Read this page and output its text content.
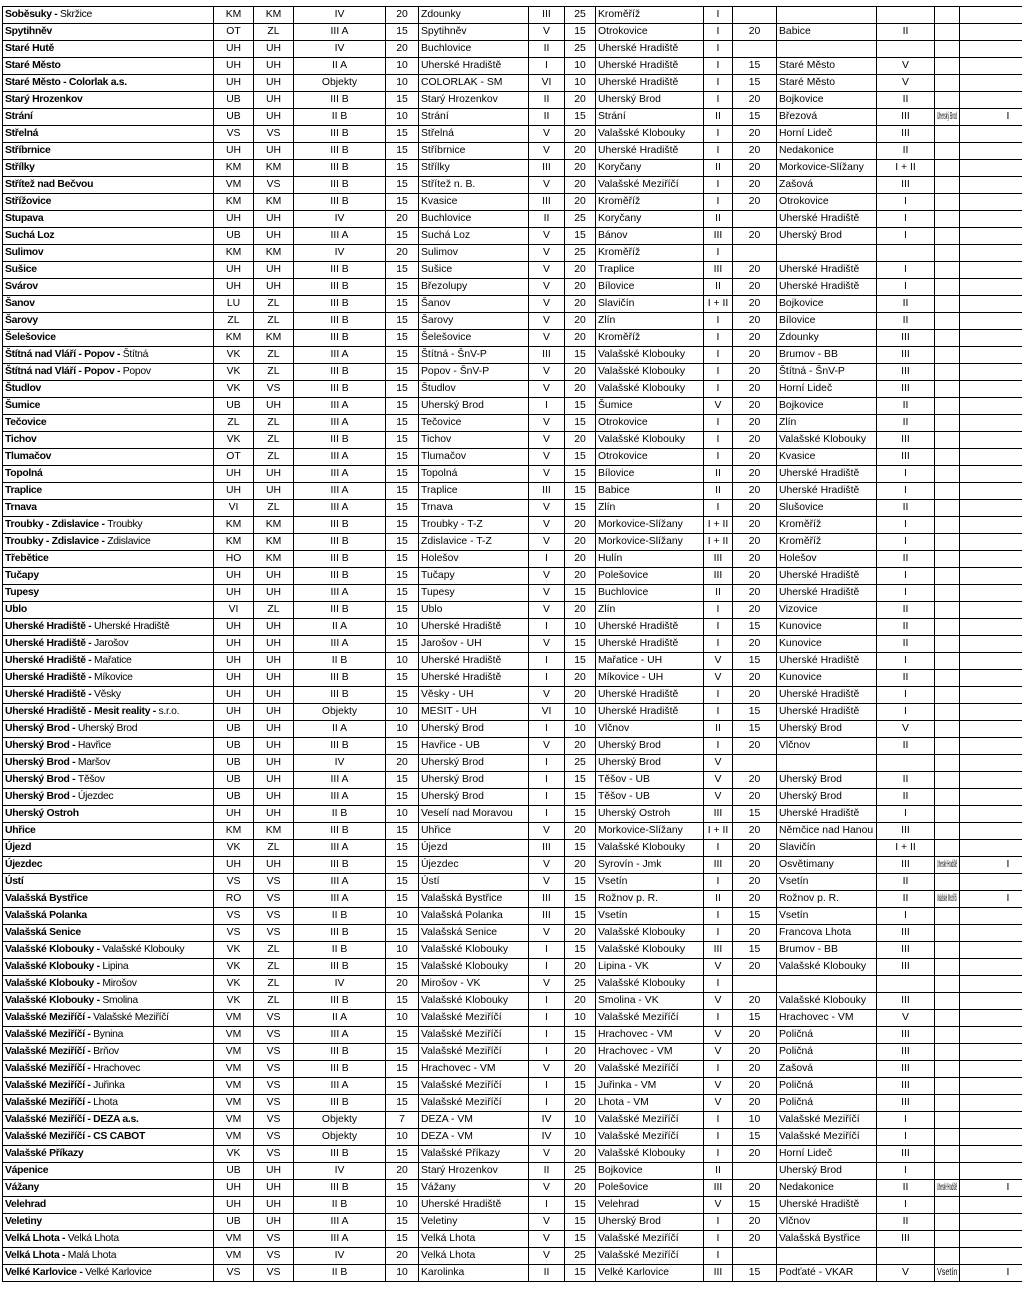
Soběsuky - Skržice	KM	KM	IV	20	Zdounky	III	25	Kroměříž	I					
Spytihněv	OT	ZL	III A	15	Spytihněv	V	15	Otrokovice	I	20	Babice	II		
Staré Hutě	UH	UH	IV	20	Buchlovice	II	25	Uherské Hradiště	I					
Staré Město	UH	UH	II A	10	Uherské Hradiště	I	10	Uherské Hradiště	I	15	Staré Město	V		
Staré Město - Colorlak a.s.	UH	UH	Objekty	10	COLORLAK - SM	VI	10	Uherské Hradiště	I	15	Staré Město	V		
Starý Hrozenkov	UB	UH	III B	15	Starý Hrozenkov	II	20	Uherský Brod	I	20	Bojkovice	II		
Strání	UB	UH	II B	10	Strání	II	15	Strání	II	15	Březová	III	Uherský Brod	I
Střelná	VS	VS	III B	15	Střelná	V	20	Valašské Klobouky	I	20	Horní Lideč	III		
Stříbrnice	UH	UH	III B	15	Stříbrnice	V	20	Uherské Hradiště	I	20	Nedakonice	II		
Střílky	KM	KM	III B	15	Střílky	III	20	Koryčany	II	20	Morkovice-Slížany	I + II		
Střítež nad Bečvou	VM	VS	III B	15	Střítež n. B.	V	20	Valašské Meziříčí	I	20	Zašová	III		
Střížovice	KM	KM	III B	15	Kvasice	III	20	Kroměříž	I	20	Otrokovice	I		
Stupava	UH	UH	IV	20	Buchlovice	II	25	Koryčany	II		Uherské Hradiště	I		
Suchá Loz	UB	UH	III A	15	Suchá Loz	V	15	Bánov	III	20	Uherský Brod	I		
Sulimov	KM	KM	IV	20	Sulimov	V	25	Kroměříž	I					
Sušice	UH	UH	III B	15	Sušice	V	20	Traplice	III	20	Uherské Hradiště	I		
Svárov	UH	UH	III B	15	Březolupy	V	20	Bílovice	II	20	Uherské Hradiště	I		
Šanov	LU	ZL	III B	15	Šanov	V	20	Slavičín	I + II	20	Bojkovice	II		
Šarovy	ZL	ZL	III B	15	Šarovy	V	20	Zlín	I	20	Bílovice	II		
Šelešovice	KM	KM	III B	15	Šelešovice	V	20	Kroměříž	I	20	Zdounky	III		
Štítná nad Vláří - Popov - Štítná	VK	ZL	III A	15	Štítná - ŠnV-P	III	15	Valašské Klobouky	I	20	Brumov - BB	III		
Štítná nad Vláří - Popov - Popov	VK	ZL	III B	15	Popov - ŠnV-P	V	20	Valašské Klobouky	I	20	Štítná - ŠnV-P	III		
Študlov	VK	VS	III B	15	Študlov	V	20	Valašské Klobouky	I	20	Horní Lideč	III		
Šumice	UB	UH	III A	15	Uherský Brod	I	15	Šumice	V	20	Bojkovice	II		
Tečovice	ZL	ZL	III A	15	Tečovice	V	15	Otrokovice	I	20	Zlín	II		
Tichov	VK	ZL	III B	15	Tichov	V	20	Valašské Klobouky	I	20	Valašské Klobouky	III		
Tlumačov	OT	ZL	III A	15	Tlumačov	V	15	Otrokovice	I	20	Kvasice	III		
Topolná	UH	UH	III A	15	Topolná	V	15	Bílovice	II	20	Uherské Hradiště	I		
Traplice	UH	UH	III A	15	Traplice	III	15	Babice	II	20	Uherské Hradiště	I		
Trnava	VI	ZL	III A	15	Trnava	V	15	Zlín	I	20	Slušovice	II		
Troubky - Zdislavice - Troubky	KM	KM	III B	15	Troubky - T-Z	V	20	Morkovice-Slížany	I + II	20	Kroměříž	I		
Troubky - Zdislavice - Zdislavice	KM	KM	III B	15	Zdislavice - T-Z	V	20	Morkovice-Slížany	I + II	20	Kroměříž	I		
Třebětice	HO	KM	III B	15	Holešov	I	20	Hulín	III	20	Holešov	II		
Tučapy	UH	UH	III B	15	Tučapy	V	20	Polešovice	III	20	Uherské Hradiště	I		
Tupesy	UH	UH	III A	15	Tupesy	V	15	Buchlovice	II	20	Uherské Hradiště	I		
Ublo	VI	ZL	III B	15	Ublo	V	20	Zlín	I	20	Vizovice	II		
Uherské Hradiště - Uherské Hradiště	UH	UH	II A	10	Uherské Hradiště	I	10	Uherské Hradiště	I	15	Kunovice	II		
Uherské Hradiště - Jarošov	UH	UH	III A	15	Jarošov - UH	V	15	Uherské Hradiště	I	20	Kunovice	II		
Uherské Hradiště - Mařatice	UH	UH	II B	10	Uherské Hradiště	I	15	Mařatice - UH	V	15	Uherské Hradiště	I		
Uherské Hradiště - Míkovice	UH	UH	III B	15	Uherské Hradiště	I	20	Míkovice - UH	V	20	Kunovice	II		
Uherské Hradiště - Věsky	UH	UH	III B	15	Věsky - UH	V	20	Uherské Hradiště	I	20	Uherské Hradiště	I		
Uherské Hradiště - Mesit reality - s.r.o.	UH	UH	Objekty	10	MESIT - UH	VI	10	Uherské Hradiště	I	15	Uherské Hradiště	I		
Uherský Brod - Uherský Brod	UB	UH	II A	10	Uherský Brod	I	10	Vlčnov	II	15	Uherský Brod	V		
Uherský Brod - Havřice	UB	UH	III B	15	Havřice - UB	V	20	Uherský Brod	I	20	Vlčnov	II		
Uherský Brod - Maršov	UB	UH	IV	20	Uherský Brod	I	25	Uherský Brod	V					
Uherský Brod - Těšov	UB	UH	III A	15	Uherský Brod	I	15	Těšov - UB	V	20	Uherský Brod	II		
Uherský Brod - Újezdec	UB	UH	III A	15	Uherský Brod	I	15	Těšov - UB	V	20	Uherský Brod	II		
Uherský Ostroh	UH	UH	II B	10	Veselí nad Moravou	I	15	Uherský Ostroh	III	15	Uherské Hradiště	I		
Uhřice	KM	KM	III B	15	Uhřice	V	20	Morkovice-Slížany	I + II	20	Němčice nad Hanou	III		
Újezd	VK	ZL	III A	15	Újezd	III	15	Valašské Klobouky	I	20	Slavičín	I + II		
Újezdec	UH	UH	III B	15	Újezdec	V	20	Syrovín - Jmk	III	20	Osvětimany	III	Uherské Hradiště	I
Ústí	VS	VS	III A	15	Ústí	V	15	Vsetín	I	20	Vsetín	II		
Valašská Bystřice	RO	VS	III A	15	Valašská Bystřice	III	15	Rožnov p. R.	II	20	Rožnov p. R.	II	Valašské Meziříčí	I
Valašská Polanka	VS	VS	II B	10	Valašská Polanka	III	15	Vsetín	I	15	Vsetín	I		
Valašská Senice	VS	VS	III B	15	Valašská Senice	V	20	Valašské Klobouky	I	20	Francova Lhota	III		
Valašské Klobouky - Valašské Klobouky	VK	ZL	II B	10	Valašské Klobouky	I	15	Valašské Klobouky	III	15	Brumov - BB	III		
Valašské Klobouky - Lipina	VK	ZL	III B	15	Valašské Klobouky	I	20	Lipina - VK	V	20	Valašské Klobouky	III		
Valašské Klobouky - Mirošov	VK	ZL	IV	20	Mirošov - VK	V	25	Valašské Klobouky	I					
Valašské Klobouky - Smolina	VK	ZL	III B	15	Valašské Klobouky	I	20	Smolina - VK	V	20	Valašské Klobouky	III		
Valašské Meziříčí - Valašské Meziříčí	VM	VS	II A	10	Valašské Meziříčí	I	10	Valašské Meziříčí	I	15	Hrachovec - VM	V		
Valašské Meziříčí - Bynina	VM	VS	III A	15	Valašské Meziříčí	I	15	Hrachovec - VM	V	20	Poličná	III		
Valašské Meziříčí - Brňov	VM	VS	III B	15	Valašské Meziříčí	I	20	Hrachovec - VM	V	20	Poličná	III		
Valašské Meziříčí - Hrachovec	VM	VS	III B	15	Hrachovec - VM	V	20	Valašské Meziříčí	I	20	Zašová	III		
Valašské Meziříčí - Juřinka	VM	VS	III A	15	Valašské Meziříčí	I	15	Juřinka - VM	V	20	Poličná	III		
Valašské Meziříčí - Lhota	VM	VS	III B	15	Valašské Meziříčí	I	20	Lhota - VM	V	20	Poličná	III		
Valašské Meziříčí - DEZA a.s.	VM	VS	Objekty	7	DEZA - VM	IV	10	Valašské Meziříčí	I	10	Valašské Meziříčí	I		
Valašské Meziříčí - CS CABOT	VM	VS	Objekty	10	DEZA - VM	IV	10	Valašské Meziříčí	I	15	Valašské Meziříčí	I		
Valašské Příkazy	VK	VS	III B	15	Valašské Příkazy	V	20	Valašské Klobouky	I	20	Horní Lideč	III		
Vápenice	UB	UH	IV	20	Starý Hrozenkov	II	25	Bojkovice	II		Uherský Brod	I		
Vážany	UH	UH	III B	15	Vážany	V	20	Polešovice	III	20	Nedakonice	II	Uherské Hradiště	I
Velehrad	UH	UH	II B	10	Uherské Hradiště	I	15	Velehrad	V	15	Uherské Hradiště	I		
Veletiny	UB	UH	III A	15	Veletiny	V	15	Uherský Brod	I	20	Vlčnov	II		
Velká Lhota - Velká Lhota	VM	VS	III A	15	Velká Lhota	V	15	Valašské Meziříčí	I	20	Valašská Bystřice	III		
Velká Lhota - Malá Lhota	VM	VS	IV	20	Velká Lhota	V	25	Valašské Meziříčí	I					
Velké Karlovice - Velké Karlovice	VS	VS	II B	10	Karolinka	II	15	Velké Karlovice	III	15	Podťaté - VKAR	V	Vsetín	I
